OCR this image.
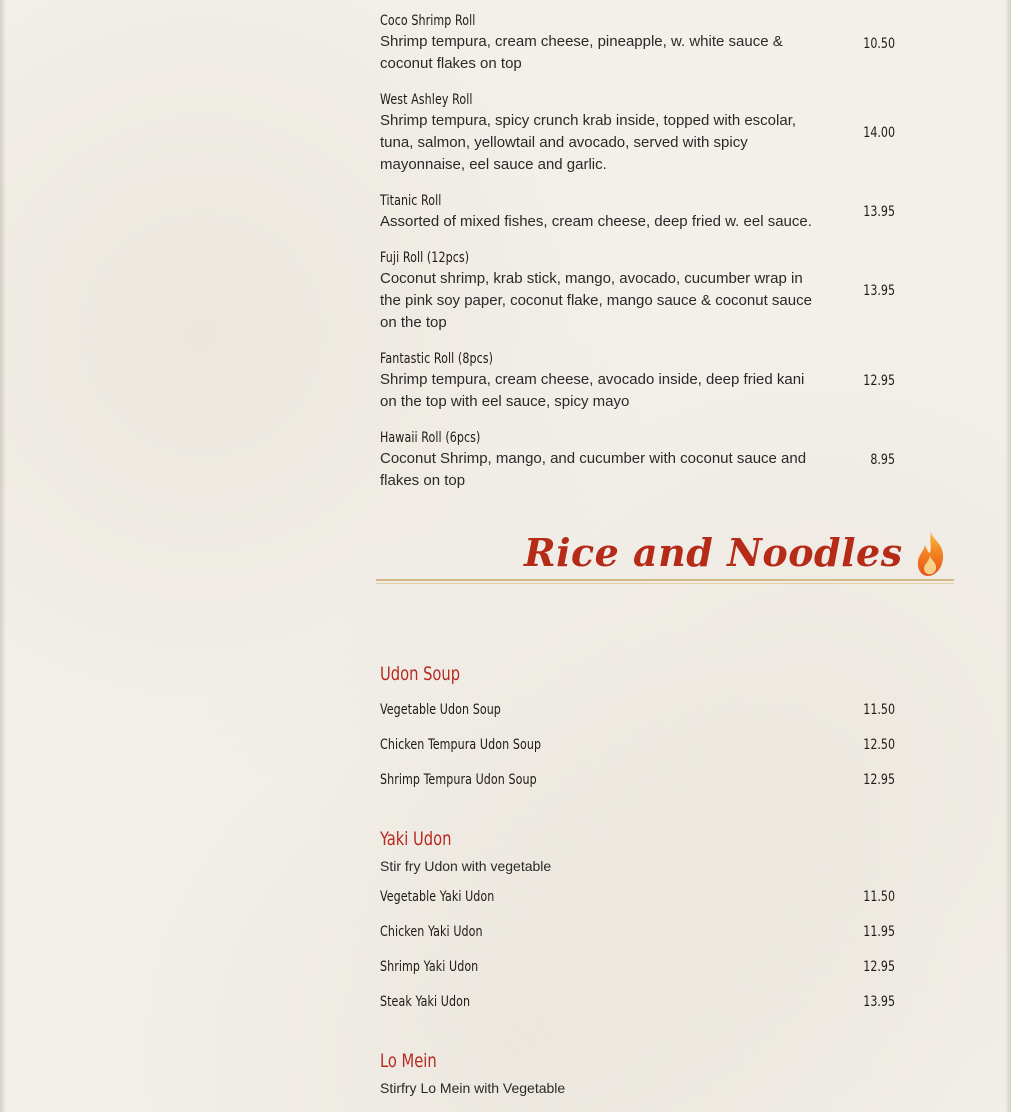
Coco Shrimp Roll
Shrimp tempura, cream cheese, pineapple, w. white sauce & coconut flakes on top
10.50
West Ashley Roll
Shrimp tempura, spicy crunch krab inside, topped with escolar, tuna, salmon, yellowtail and avocado, served with spicy mayonnaise, eel sauce and garlic.
14.00
Titanic Roll
Assorted of mixed fishes, cream cheese, deep fried w. eel sauce.
13.95
Fuji Roll (12pcs)
Coconut shrimp, krab stick, mango, avocado, cucumber wrap in the pink soy paper, coconut flake, mango sauce & coconut sauce on the top
13.95
Fantastic Roll (8pcs)
Shrimp tempura, cream cheese, avocado inside, deep fried kani on the top with eel sauce, spicy mayo
12.95
Hawaii Roll (6pcs)
Coconut Shrimp, mango, and cucumber with coconut sauce and flakes on top
8.95
Udon Soup
Vegetable Udon Soup	11.50
Chicken Tempura Udon Soup	12.50
Shrimp Tempura Udon Soup	12.95
Yaki Udon
Stir fry Udon with vegetable
Vegetable Yaki Udon	11.50
Chicken Yaki Udon	11.95
Shrimp Yaki Udon	12.95
Steak Yaki Udon	13.95
Lo Mein
Stirfry Lo Mein with Vegetable
Rice and Noodles
